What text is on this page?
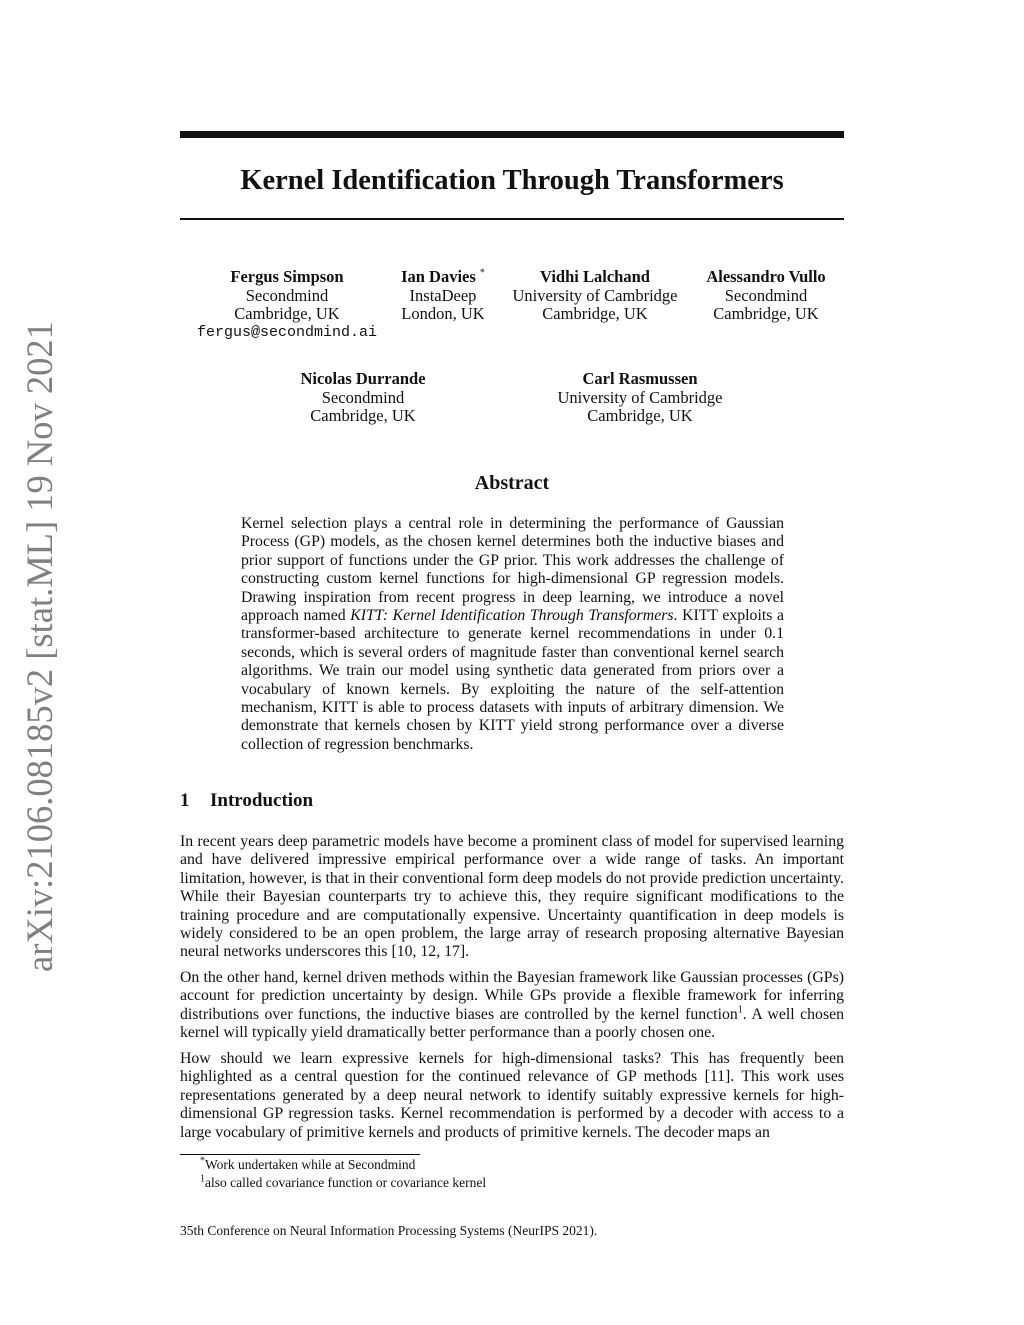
arXiv:2106.08185v2 [stat.ML] 19 Nov 2021
Kernel Identification Through Transformers
Fergus Simpson
Secondmind
Cambridge, UK
fergus@secondmind.ai
Ian Davies *
InstaDeep
London, UK
Vidhi Lalchand
University of Cambridge
Cambridge, UK
Alessandro Vullo
Secondmind
Cambridge, UK
Nicolas Durrande
Secondmind
Cambridge, UK
Carl Rasmussen
University of Cambridge
Cambridge, UK
Abstract
Kernel selection plays a central role in determining the performance of Gaussian Process (GP) models, as the chosen kernel determines both the inductive biases and prior support of functions under the GP prior. This work addresses the challenge of constructing custom kernel functions for high-dimensional GP regression models. Drawing inspiration from recent progress in deep learning, we introduce a novel approach named KITT: Kernel Identification Through Transformers. KITT exploits a transformer-based architecture to generate kernel recommendations in under 0.1 seconds, which is several orders of magnitude faster than conventional kernel search algorithms. We train our model using synthetic data generated from priors over a vocabulary of known kernels. By exploiting the nature of the self-attention mechanism, KITT is able to process datasets with inputs of arbitrary dimension. We demonstrate that kernels chosen by KITT yield strong performance over a diverse collection of regression benchmarks.
1 Introduction
In recent years deep parametric models have become a prominent class of model for supervised learning and have delivered impressive empirical performance over a wide range of tasks. An important limitation, however, is that in their conventional form deep models do not provide prediction uncertainty. While their Bayesian counterparts try to achieve this, they require significant modifications to the training procedure and are computationally expensive. Uncertainty quantification in deep models is widely considered to be an open problem, the large array of research proposing alternative Bayesian neural networks underscores this [10, 12, 17].
On the other hand, kernel driven methods within the Bayesian framework like Gaussian processes (GPs) account for prediction uncertainty by design. While GPs provide a flexible framework for inferring distributions over functions, the inductive biases are controlled by the kernel function$^1$. A well chosen kernel will typically yield dramatically better performance than a poorly chosen one.
How should we learn expressive kernels for high-dimensional tasks? This has frequently been highlighted as a central question for the continued relevance of GP methods [11]. This work uses representations generated by a deep neural network to identify suitably expressive kernels for high-dimensional GP regression tasks. Kernel recommendation is performed by a decoder with access to a large vocabulary of primitive kernels and products of primitive kernels. The decoder maps an
*Work undertaken while at Secondmind
$^1$also called covariance function or covariance kernel
35th Conference on Neural Information Processing Systems (NeurIPS 2021).
